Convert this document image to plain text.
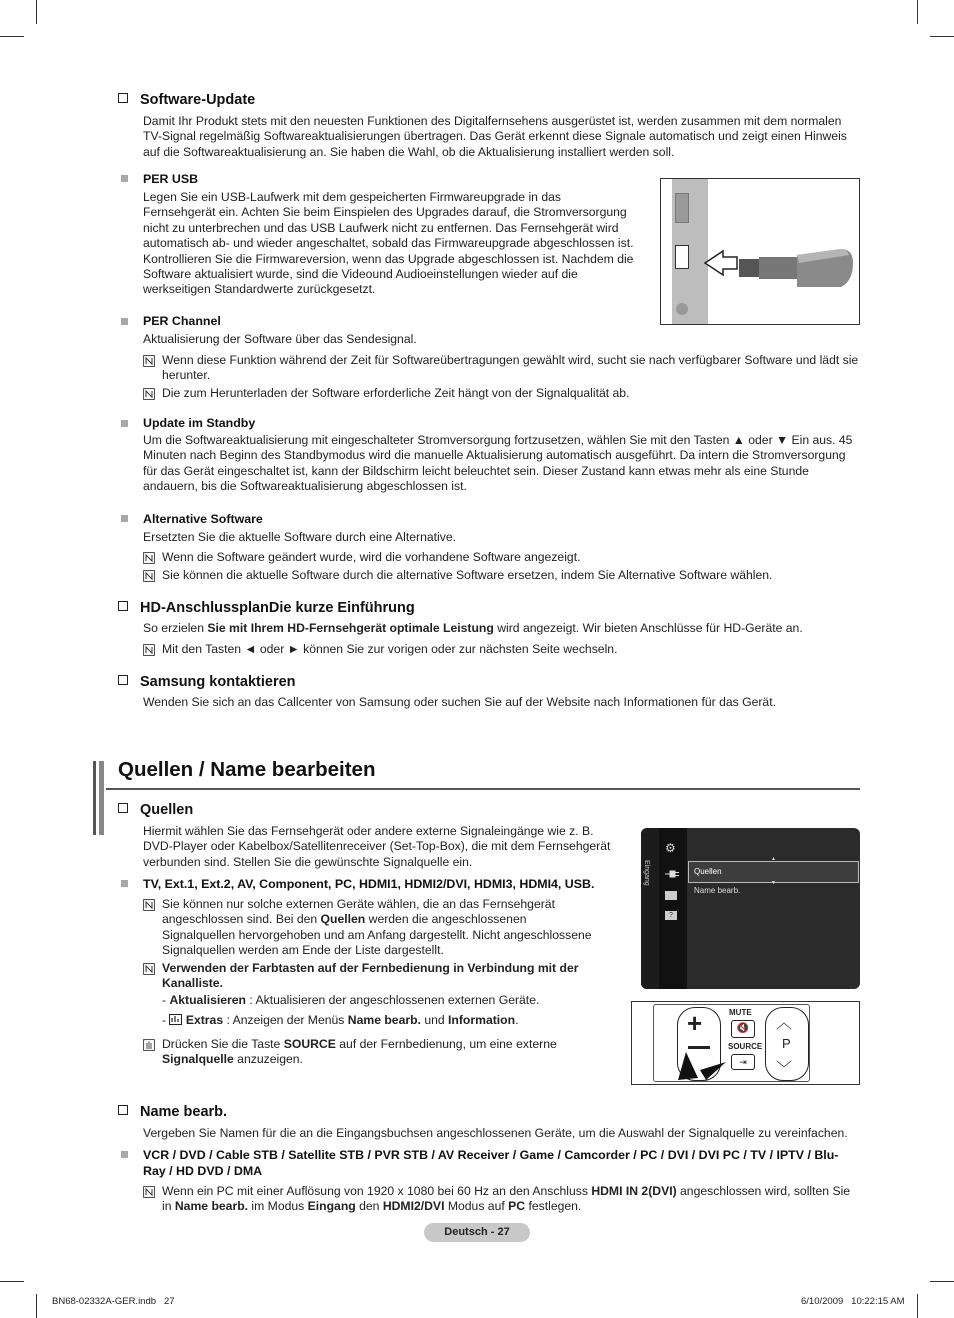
Software-Update
Damit Ihr Produkt stets mit den neuesten Funktionen des Digitalfernsehens ausgerüstet ist, werden zusammen mit dem normalen TV-Signal regelmäßig Softwareaktualisierungen übertragen. Das Gerät erkennt diese Signale automatisch und zeigt einen Hinweis auf die Softwareaktualisierung an. Sie haben die Wahl, ob die Aktualisierung installiert werden soll.
PER USB
Legen Sie ein USB-Laufwerk mit dem gespeicherten Firmwareupgrade in das Fernsehgerät ein. Achten Sie beim Einspielen des Upgrades darauf, die Stromversorgung nicht zu unterbrechen und das USB Laufwerk nicht zu entfernen. Das Fernsehgerät wird automatisch ab- und wieder angeschaltet, sobald das Firmwareupgrade abgeschlossen ist. Kontrollieren Sie die Firmwareversion, wenn das Upgrade abgeschlossen ist. Nachdem die Software aktualisiert wurde, sind die Videound Audioeinstellungen wieder auf die werkseitigen Standardwerte zurückgesetzt.
PER Channel
Aktualisierung der Software über das Sendesignal.
Wenn diese Funktion während der Zeit für Softwareübertragungen gewählt wird, sucht sie nach verfügbarer Software und lädt sie herunter.
Die zum Herunterladen der Software erforderliche Zeit hängt von der Signalqualität ab.
Update im Standby
Um die Softwareaktualisierung mit eingeschalteter Stromversorgung fortzusetzen, wählen Sie mit den Tasten ▲ oder ▼ Ein aus. 45 Minuten nach Beginn des Standbymodus wird die manuelle Aktualisierung automatisch ausgeführt. Da intern die Stromversorgung für das Gerät eingeschaltet ist, kann der Bildschirm leicht beleuchtet sein. Dieser Zustand kann etwas mehr als eine Stunde andauern, bis die Softwareaktualisierung abgeschlossen ist.
Alternative Software
Ersetzten Sie die aktuelle Software durch eine Alternative.
Wenn die Software geändert wurde, wird die vorhandene Software angezeigt.
Sie können die aktuelle Software durch die alternative Software ersetzen, indem Sie Alternative Software wählen.
HD-AnschlussplanDie kurze Einführung
So erzielen Sie mit Ihrem HD-Fernsehgerät optimale Leistung wird angezeigt. Wir bieten Anschlüsse für HD-Geräte an.
Mit den Tasten ◄ oder ► können Sie zur vorigen oder zur nächsten Seite wechseln.
Samsung kontaktieren
Wenden Sie sich an das Callcenter von Samsung oder suchen Sie auf der Website nach Informationen für das Gerät.
Quellen / Name bearbeiten
Quellen
Hiermit wählen Sie das Fernsehgerät oder andere externe Signaleingänge wie z. B. DVD-Player oder Kabelbox/Satellitenreceiver (Set-Top-Box), die mit dem Fernsehgerät verbunden sind. Stellen Sie die gewünschte Signalquelle ein.
TV, Ext.1, Ext.2, AV, Component, PC, HDMI1, HDMI2/DVI, HDMI3, HDMI4, USB.
Sie können nur solche externen Geräte wählen, die an das Fernsehgerät angeschlossen sind. Bei den Quellen werden die angeschlossenen Signalquellen hervorgehoben und am Anfang dargestellt. Nicht angeschlossene Signalquellen werden am Ende der Liste dargestellt.
Verwenden der Farbtasten auf der Fernbedienung in Verbindung mit der Kanalliste.
- Aktualisieren : Aktualisieren der angeschlossenen externen Geräte.
-  Extras : Anzeigen der Menüs Name bearb. und Information.
Drücken Sie die Taste SOURCE auf der Fernbedienung, um eine externe Signalquelle anzuzeigen.
Eingang
⚙
?
Quellen
▲
▼
Name bearb.
+	MUTE
🔇
SOURCE
⇥
︿
P
﹀
Name bearb.
Vergeben Sie Namen für die an die Eingangsbuchsen angeschlossenen Geräte, um die Auswahl der Signalquelle zu vereinfachen.
VCR / DVD / Cable STB / Satellite STB / PVR STB / AV Receiver / Game / Camcorder / PC / DVI / DVI PC / TV / IPTV / Blu- Ray / HD DVD / DMA
Wenn ein PC mit einer Auflösung von 1920 x 1080 bei 60 Hz an den Anschluss HDMI IN 2(DVI) angeschlossen wird, sollten Sie in Name bearb. im Modus Eingang den HDMI2/DVI Modus auf PC festlegen.
Deutsch - 27
BN68-02332A-GER.indb   27	6/10/2009   10:22:15 AM
